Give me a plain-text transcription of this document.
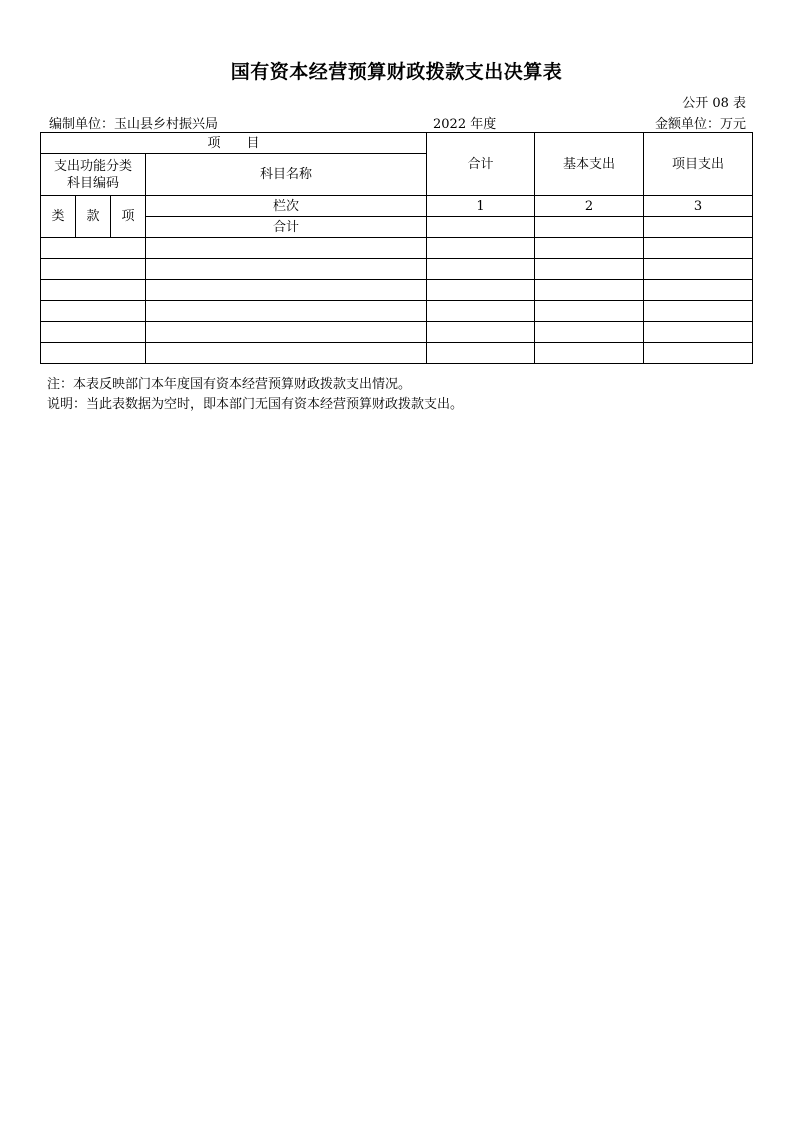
国有资本经营预算财政拨款支出决算表
公开 08 表
编制单位：玉山县乡村振兴局	2022 年度	金额单位：万元
项　　目				合计	基本支出	项目支出
支出功能分类
科目编码			科目名称			

类	款	项	栏次	1	2	3
			合计			

注：本表反映部门本年度国有资本经营预算财政拨款支出情况。
说明：当此表数据为空时，即本部门无国有资本经营预算财政拨款支出。
